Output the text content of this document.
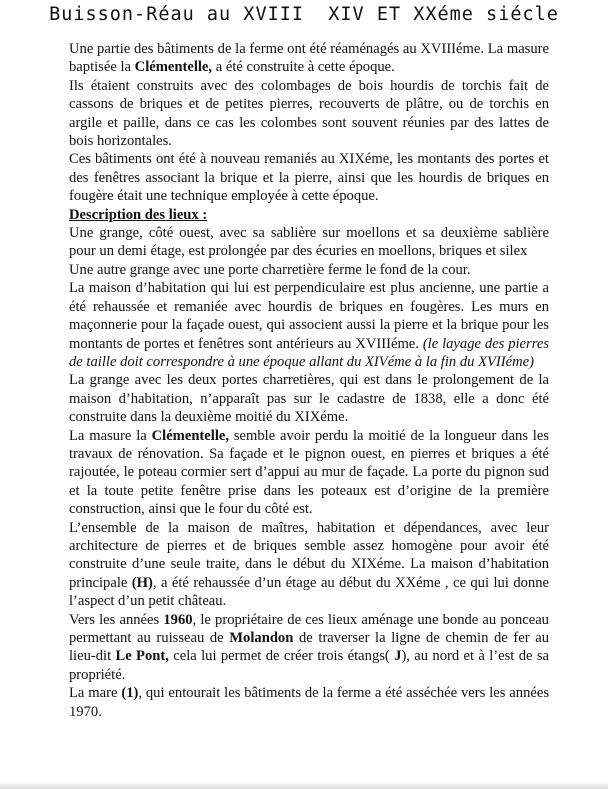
Buisson-Réau au XVIII  XIV ET XXéme siécle

Une partie des bâtiments de la ferme ont été réaménagés au XVIIIéme. La masure baptisée la Clémentelle, a été construite à cette époque.

Ils étaient construits avec des colombages de bois hourdis de torchis fait de cassons de briques et de petites pierres, recouverts de plâtre, ou de torchis en argile et paille, dans ce cas les colombes sont souvent réunies par des lattes de bois horizontales.

Ces bâtiments ont été à nouveau remaniés au XIXéme, les montants des portes et des fenêtres associant la brique et la pierre, ainsi que les hourdis de briques en fougère était une technique employée à cette époque.

Description des lieux :

Une grange, côté ouest, avec sa sablière sur moellons et sa deuxième sablière pour un demi étage, est prolongée par des écuries en moellons, briques et silex

Une autre grange avec une porte charretière ferme le fond de la cour.

La maison d’habitation qui lui est perpendiculaire est plus ancienne, une partie a été rehaussée et remaniée avec hourdis de briques en fougères. Les murs en maçonnerie pour la façade ouest, qui associent aussi la pierre et la brique pour les montants de portes et fenêtres sont antérieurs au XVIIIéme. (le layage des pierres de taille doit correspondre à une époque allant du XIVéme à la fin du XVIIéme)

La grange avec les deux portes charretières, qui est dans le prolongement de la maison d’habitation, n’apparaît pas sur le cadastre de 1838, elle a donc été construite dans la deuxième moitié du XIXéme.

La masure la Clémentelle, semble avoir perdu la moitié de la longueur dans les travaux de rénovation. Sa façade et le pignon ouest, en pierres et briques a été rajoutée, le poteau cormier sert d’appui au mur de façade. La porte du pignon sud et la toute petite fenêtre prise dans les poteaux est d’origine de la première construction, ainsi que le four du côté est.

L’ensemble de la maison de maîtres, habitation et dépendances, avec leur architecture de pierres et de briques semble assez homogène pour avoir été construite d’une seule traite, dans le début du XIXéme. La maison d’habitation principale (H), a été rehaussée d’un étage au début du XXéme , ce qui lui donne l’aspect d’un petit château.

Vers les années 1960, le propriétaire de ces lieux aménage une bonde au ponceau permettant au ruisseau de Molandon de traverser la ligne de chemin de fer au lieu-dit Le Pont, cela lui permet de créer trois étangs( J), au nord et à l’est de sa propriété.

La mare (1), qui entourait les bâtiments de la ferme a été asséchée vers les années 1970.
